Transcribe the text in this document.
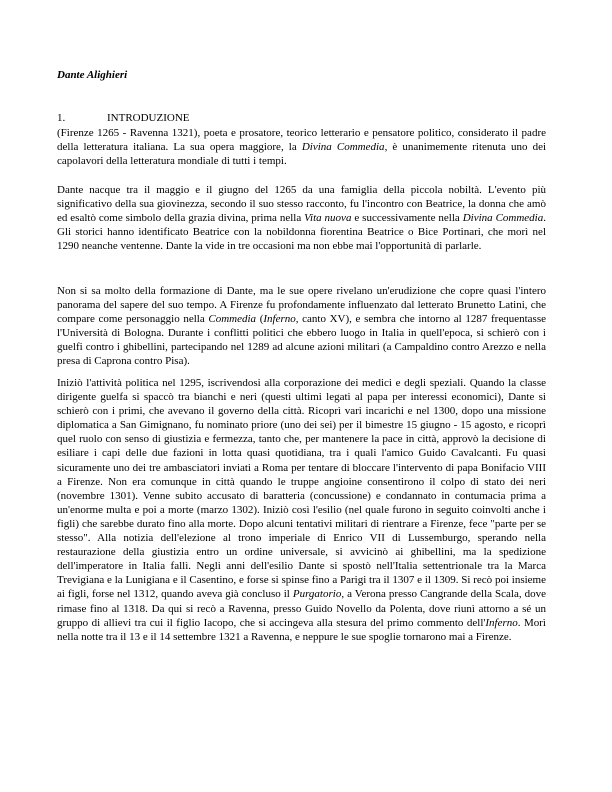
Dante Alighieri
1.	INTRODUZIONE

(Firenze 1265 - Ravenna 1321), poeta e prosatore, teorico letterario e pensatore politico, considerato il padre della letteratura italiana. La sua opera maggiore, la Divina Commedia, è unanimemente ritenuta uno dei capolavori della letteratura mondiale di tutti i tempi.

Dante nacque tra il maggio e il giugno del 1265 da una famiglia della piccola nobiltà. L'evento più significativo della sua giovinezza, secondo il suo stesso racconto, fu l'incontro con Beatrice, la donna che amò ed esaltò come simbolo della grazia divina, prima nella Vita nuova e successivamente nella Divina Commedia. Gli storici hanno identificato Beatrice con la nobildonna fiorentina Beatrice o Bice Portinari, che morì nel 1290 neanche ventenne. Dante la vide in tre occasioni ma non ebbe mai l'opportunità di parlarle.

Non si sa molto della formazione di Dante, ma le sue opere rivelano un'erudizione che copre quasi l'intero panorama del sapere del suo tempo. A Firenze fu profondamente influenzato dal letterato Brunetto Latini, che compare come personaggio nella Commedia (Inferno, canto XV), e sembra che intorno al 1287 frequentasse l'Università di Bologna. Durante i conflitti politici che ebbero luogo in Italia in quell'epoca, si schierò con i guelfi contro i ghibellini, partecipando nel 1289 ad alcune azioni militari (a Campaldino contro Arezzo e nella presa di Caprona contro Pisa).

Iniziò l'attività politica nel 1295, iscrivendosi alla corporazione dei medici e degli speziali. Quando la classe dirigente guelfa si spaccò tra bianchi e neri (questi ultimi legati al papa per interessi economici), Dante si schierò con i primi, che avevano il governo della città. Ricoprì vari incarichi e nel 1300, dopo una missione diplomatica a San Gimignano, fu nominato priore (uno dei sei) per il bimestre 15 giugno - 15 agosto, e ricoprì quel ruolo con senso di giustizia e fermezza, tanto che, per mantenere la pace in città, approvò la decisione di esiliare i capi delle due fazioni in lotta quasi quotidiana, tra i quali l'amico Guido Cavalcanti. Fu quasi sicuramente uno dei tre ambasciatori inviati a Roma per tentare di bloccare l'intervento di papa Bonifacio VIII a Firenze. Non era comunque in città quando le truppe angioine consentirono il colpo di stato dei neri (novembre 1301). Venne subito accusato di baratteria (concussione) e condannato in contumacia prima a un'enorme multa e poi a morte (marzo 1302). Iniziò così l'esilio (nel quale furono in seguito coinvolti anche i figli) che sarebbe durato fino alla morte. Dopo alcuni tentativi militari di rientrare a Firenze, fece "parte per se stesso". Alla notizia dell'elezione al trono imperiale di Enrico VII di Lussemburgo, sperando nella restaurazione della giustizia entro un ordine universale, si avvicinò ai ghibellini, ma la spedizione dell'imperatore in Italia fallì. Negli anni dell'esilio Dante si spostò nell'Italia settentrionale tra la Marca Trevigiana e la Lunigiana e il Casentino, e forse si spinse fino a Parigi tra il 1307 e il 1309. Si recò poi insieme ai figli, forse nel 1312, quando aveva già concluso il Purgatorio, a Verona presso Cangrande della Scala, dove rimase fino al 1318. Da qui si recò a Ravenna, presso Guido Novello da Polenta, dove riunì attorno a sé un gruppo di allievi tra cui il figlio Iacopo, che si accingeva alla stesura del primo commento dell'Inferno. Morì nella notte tra il 13 e il 14 settembre 1321 a Ravenna, e neppure le sue spoglie tornarono mai a Firenze.
